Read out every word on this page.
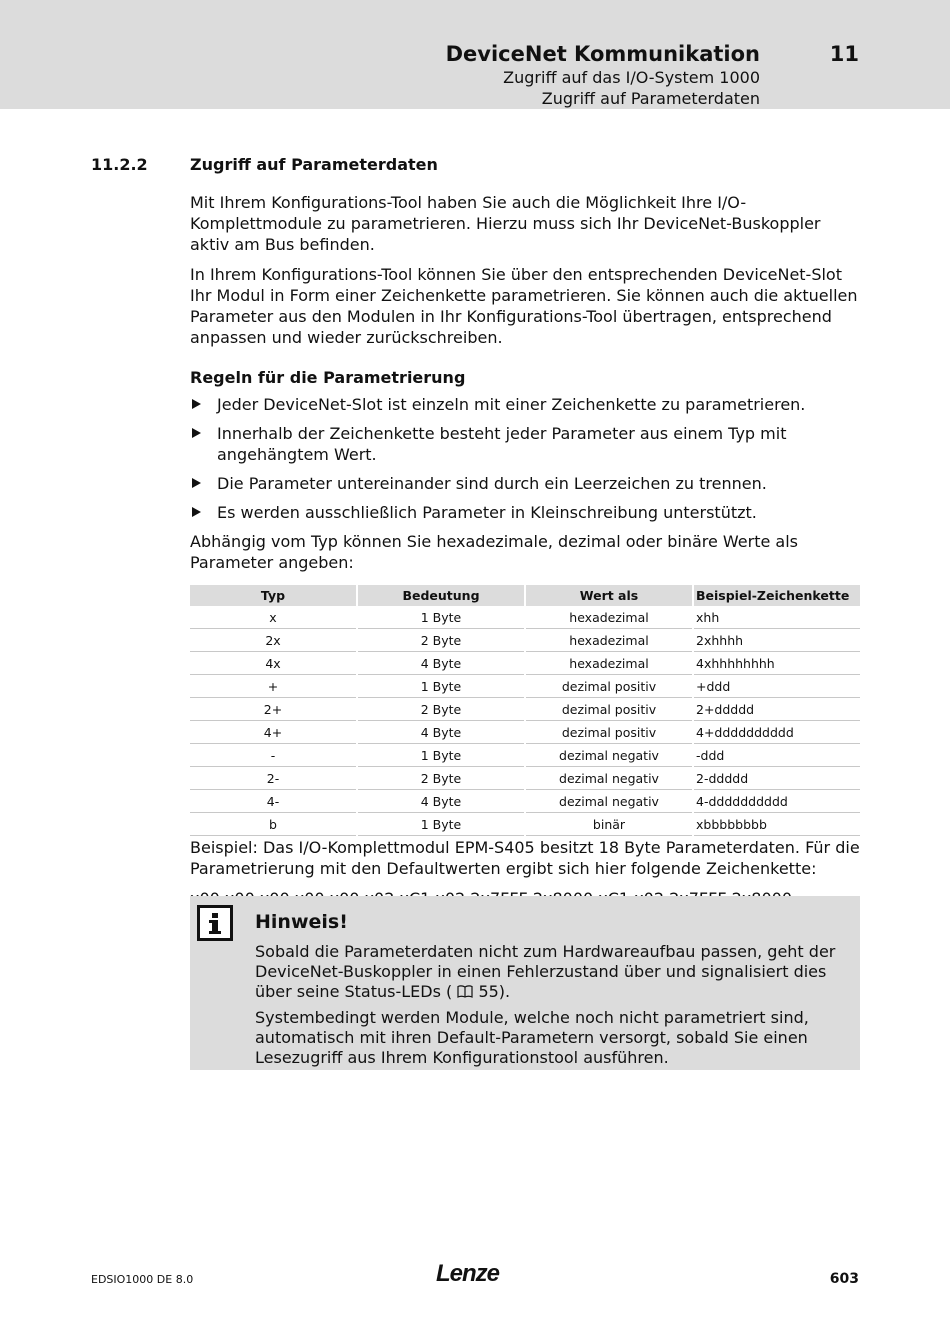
DeviceNet Kommunikation	11
Zugriff auf das I/O-System 1000
Zugriff auf Parameterdaten
11.2.2	Zugriff auf Parameterdaten

Mit Ihrem Konfigurations-Tool haben Sie auch die Möglichkeit Ihre I/O-Komplettmodule zu parametrieren. Hierzu muss sich Ihr DeviceNet-Buskoppler aktiv am Bus befinden.

In Ihrem Konfigurations-Tool können Sie über den entsprechenden DeviceNet-Slot Ihr Modul in Form einer Zeichenkette parametrieren. Sie können auch die aktuellen Parameter aus den Modulen in Ihr Konfigurations-Tool übertragen, entsprechend anpassen und wieder zurückschreiben.

Regeln für die Parametrierung
Jeder DeviceNet-Slot ist einzeln mit einer Zeichenkette zu parametrieren.
Innerhalb der Zeichenkette besteht jeder Parameter aus einem Typ mit angehängtem Wert.
Die Parameter untereinander sind durch ein Leerzeichen zu trennen.
Es werden ausschließlich Parameter in Kleinschreibung unterstützt.

Abhängig vom Typ können Sie hexadezimale, dezimal oder binäre Werte als Parameter angeben:

Typ	Bedeutung	Wert als	Beispiel-Zeichenkette
x	1 Byte	hexadezimal	xhh
2x	2 Byte	hexadezimal	2xhhhh
4x	4 Byte	hexadezimal	4xhhhhhhhh
+	1 Byte	dezimal positiv	+ddd
2+	2 Byte	dezimal positiv	2+ddddd
4+	4 Byte	dezimal positiv	4+dddddddddd
-	1 Byte	dezimal negativ	-ddd
2-	2 Byte	dezimal negativ	2-ddddd
4-	4 Byte	dezimal negativ	4-dddddddddd
b	1 Byte	binär	xbbbbbbbb

Beispiel: Das I/O-Komplettmodul EPM-S405 besitzt 18 Byte Parameterdaten. Für die Parametrierung mit den Defaultwerten ergibt sich hier folgende Zeichenkette:

Hinweis!

Sobald die Parameterdaten nicht zum Hardwareaufbau passen, geht der DeviceNet-Buskoppler in einen Fehlerzustand über und signalisiert dies über seine Status-LEDs (  55).

Systembedingt werden Module, welche noch nicht parametriert sind, automatisch mit ihren Default-Parametern versorgt, sobald Sie einen Lesezugriff aus Ihrem Konfigurationstool ausführen.

EDSIO1000 DE 8.0	Lenze	603
